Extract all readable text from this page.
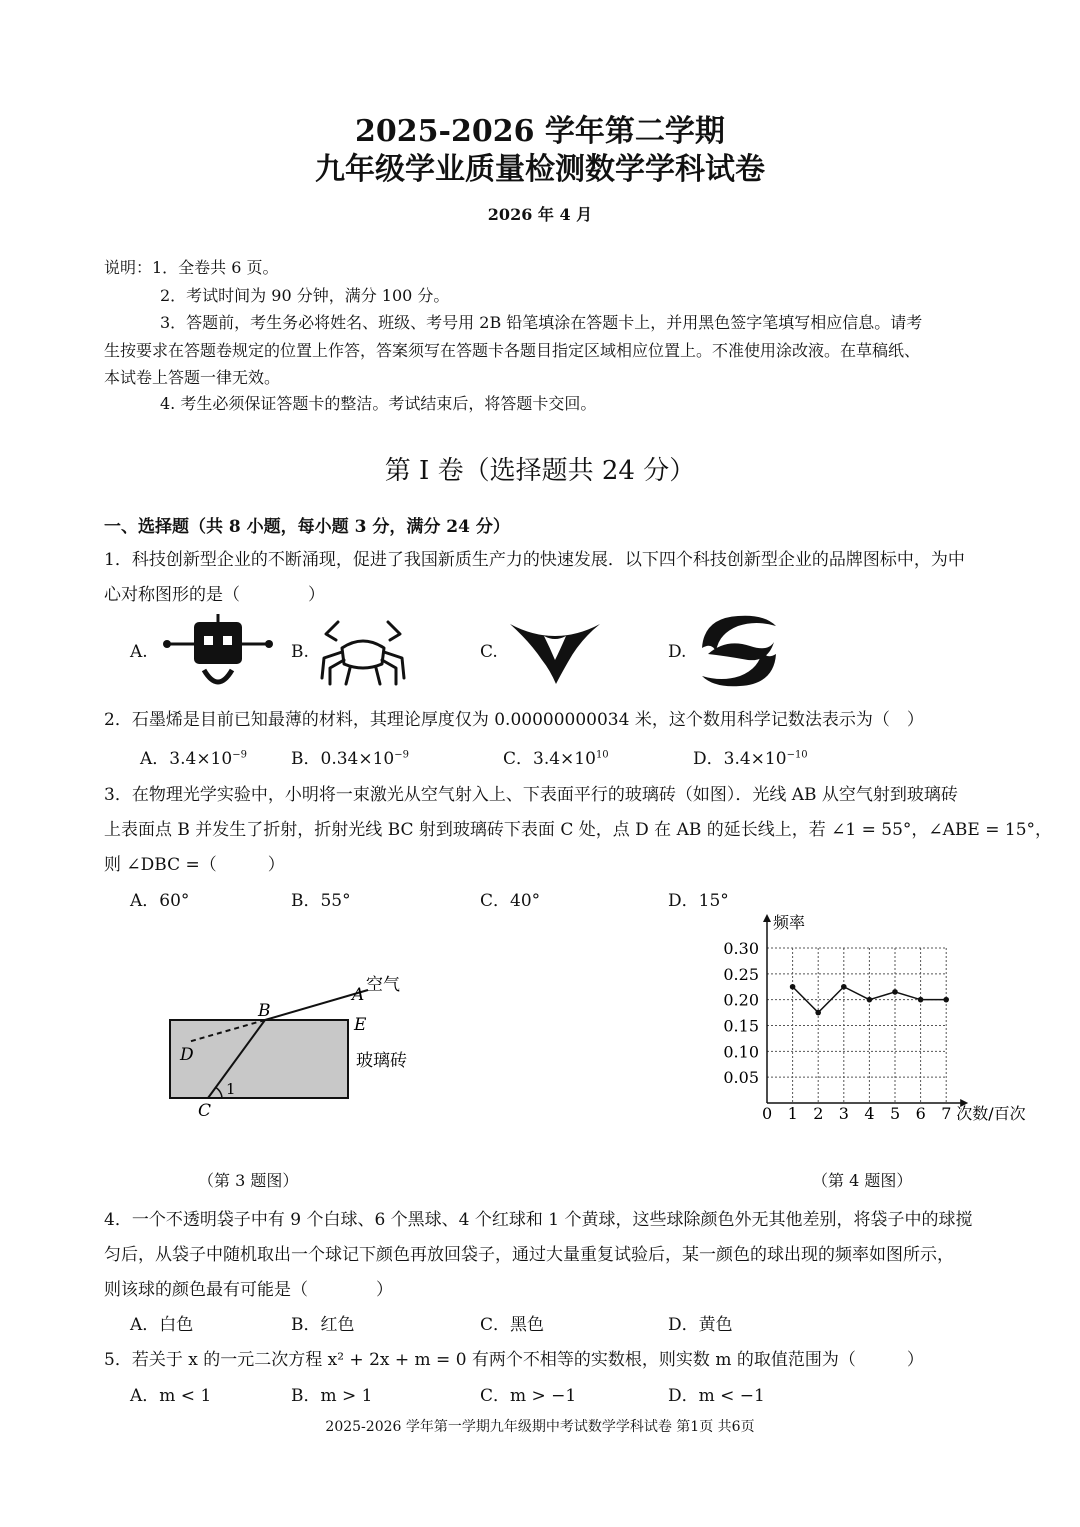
2025-2026 学年第二学期
九年级学业质量检测数学学科试卷
2026 年 4 月
说明：1．全卷共 6 页。
2．考试时间为 90 分钟，满分 100 分。
3．答题前，考生务必将姓名、班级、考号用 2B 铅笔填涂在答题卡上，并用黑色签字笔填写相应信息。请考
生按要求在答题卷规定的位置上作答，答案须写在答题卡各题目指定区域相应位置上。不准使用涂改液。在草稿纸、
本试卷上答题一律无效。
4. 考生必须保证答题卡的整洁。考试结束后，将答题卡交回。
第 I 卷（选择题共 24 分）
一、选择题（共 8 小题，每小题 3 分，满分 24 分）
1．科技创新型企业的不断涌现，促进了我国新质生产力的快速发展．以下四个科技创新型企业的品牌图标中，为中
心对称图形的是（　　　　）
A.	B.	C.	D.
2．石墨烯是目前已知最薄的材料，其理论厚度仅为 0.00000000034 米，这个数用科学记数法表示为（　）
A．$3.4\times 10^{-9}$	B．$0.34\times 10^{-9}$	C．$3.4\times 10^{10}$	D．$3.4\times 10^{-10}$
3．在物理光学实验中，小明将一束激光从空气射入上、下表面平行的玻璃砖（如图）．光线 AB 从空气射到玻璃砖
上表面点 B 并发生了折射，折射光线 BC 射到玻璃砖下表面 C 处，点 D 在 AB 的延长线上，若 ∠1 = 55°，∠ABE = 15°，
则 ∠DBC =（　　　）
A．60°	B．55°	C．40°	D．15°
A 空气
B
E
D	玻璃砖
1
C
（第 3 题图）
0 1 2 3 4 5 6 7
0.05
0.10
0.15
0.20
0.25
0.30
频率
次数/百次
（第 4 题图）
4．一个不透明袋子中有 9 个白球、6 个黑球、4 个红球和 1 个黄球，这些球除颜色外无其他差别，将袋子中的球搅
匀后，从袋子中随机取出一个球记下颜色再放回袋子，通过大量重复试验后，某一颜色的球出现的频率如图所示，
则该球的颜色最有可能是（　　　　）
A．白色	B．红色	C．黑色	D．黄色
5．若关于 x 的一元二次方程 x² + 2x + m = 0 有两个不相等的实数根，则实数 m 的取值范围为（　　　）
A．m < 1	B．m > 1	C．m > −1	D．m < −1
2025-2026 学年第一学期九年级期中考试数学学科试卷 第1页 共6页
